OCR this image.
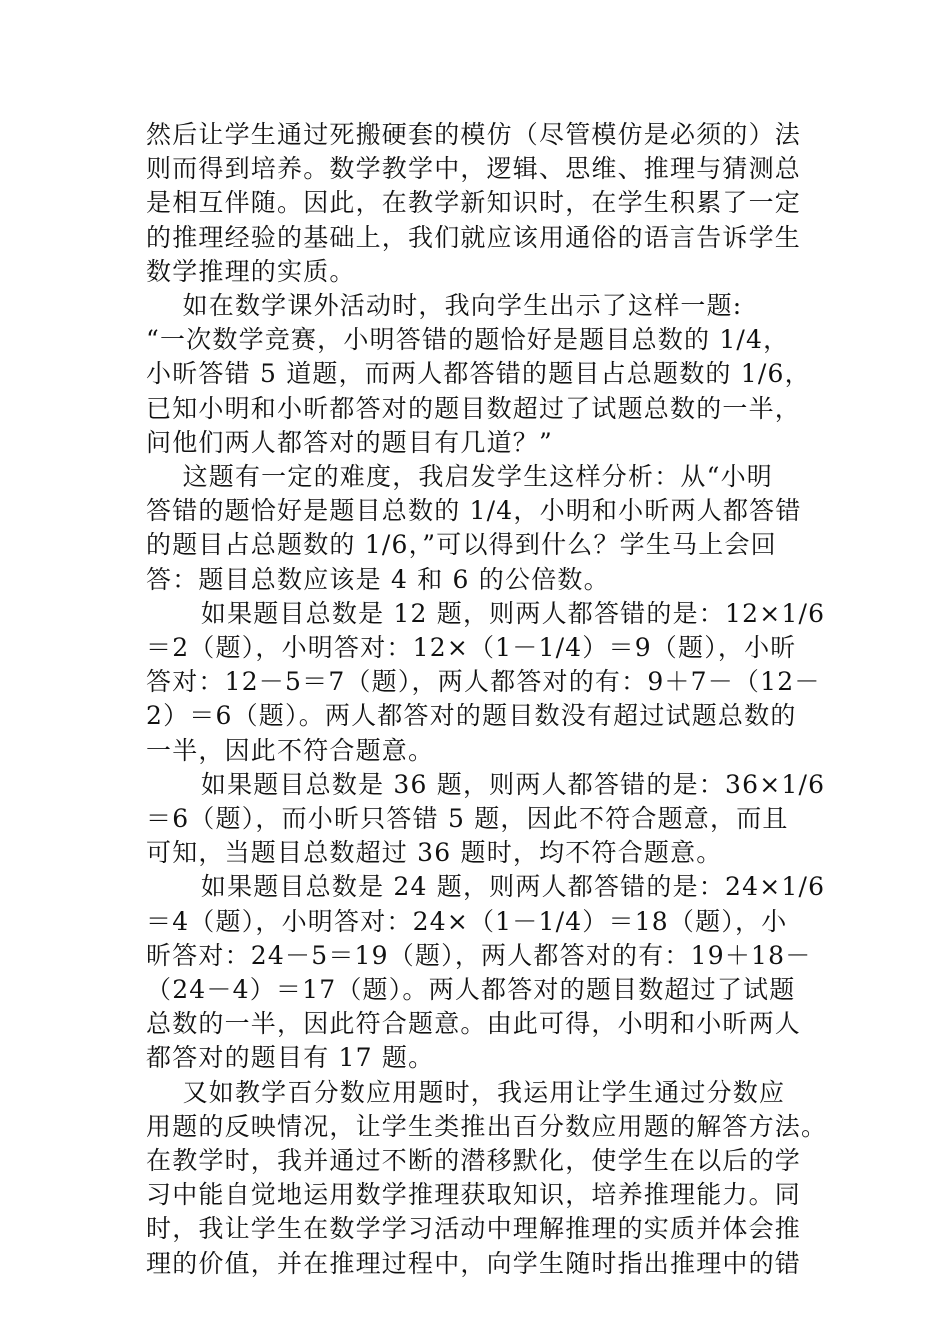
然后让学生通过死搬硬套的模仿（尽管模仿是必须的）法
则而得到培养。数学教学中，逻辑、思维、推理与猜测总
是相互伴随。因此，在教学新知识时，在学生积累了一定
的推理经验的基础上，我们就应该用通俗的语言告诉学生
数学推理的实质。
如在数学课外活动时，我向学生出示了这样一题:
“一次数学竞赛，小明答错的题恰好是题目总数的 1/4，
小昕答错 5 道题，而两人都答错的题目占总题数的 1/6，
已知小明和小昕都答对的题目数超过了试题总数的一半，
问他们两人都答对的题目有几道？”
这题有一定的难度，我启发学生这样分析：从“小明
答错的题恰好是题目总数的 1/4，小明和小昕两人都答错
的题目占总题数的 1/6，”可以得到什么？学生马上会回
答：题目总数应该是 4 和 6 的公倍数。
如果题目总数是 12 题，则两人都答错的是：12×1/6
＝2（题），小明答对：12×（1－1/4）＝9（题），小昕
答对：12－5＝7（题），两人都答对的有：9＋7－（12－
2）＝6（题）。两人都答对的题目数没有超过试题总数的
一半，因此不符合题意。
如果题目总数是 36 题，则两人都答错的是：36×1/6
＝6（题），而小昕只答错 5 题，因此不符合题意，而且
可知，当题目总数超过 36 题时，均不符合题意。
如果题目总数是 24 题，则两人都答错的是：24×1/6
＝4（题），小明答对：24×（1－1/4）＝18（题），小
昕答对：24－5＝19（题），两人都答对的有：19＋18－
（24－4）＝17（题）。两人都答对的题目数超过了试题
总数的一半，因此符合题意。由此可得，小明和小昕两人
都答对的题目有 17 题。
又如教学百分数应用题时，我运用让学生通过分数应
用题的反映情况，让学生类推出百分数应用题的解答方法。
在教学时，我并通过不断的潜移默化，使学生在以后的学
习中能自觉地运用数学推理获取知识，培养推理能力。同
时，我让学生在数学学习活动中理解推理的实质并体会推
理的价值，并在推理过程中，向学生随时指出推理中的错
